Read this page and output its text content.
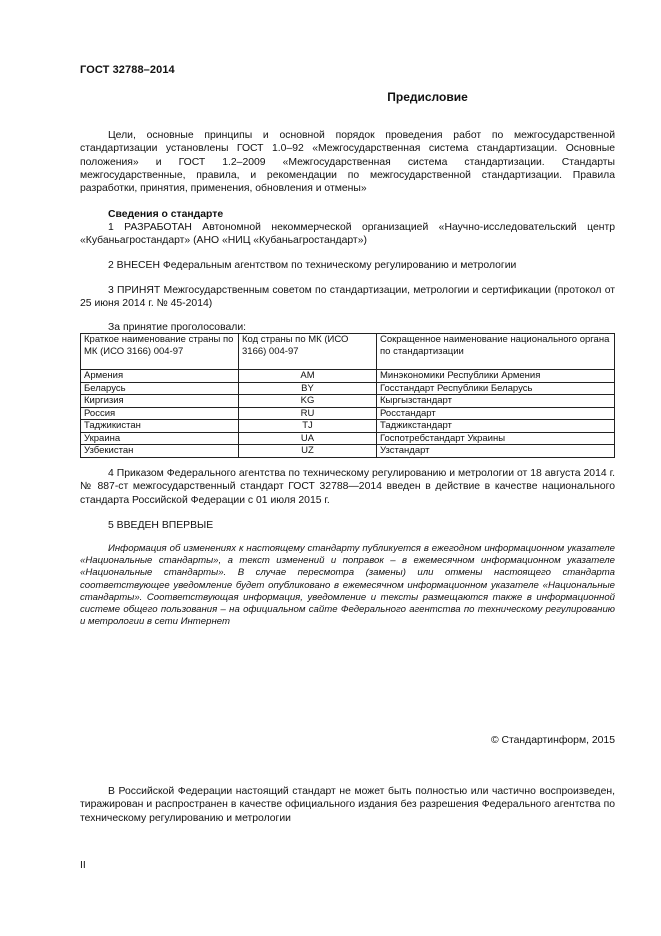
ГОСТ 32788–2014
Предисловие
Цели, основные принципы и основной порядок проведения работ по межгосударственной стандартизации установлены ГОСТ 1.0–92 «Межгосударственная система стандартизации. Основные положения» и ГОСТ 1.2–2009 «Межгосударственная система стандартизации. Стандарты межгосударственные, правила, и рекомендации по межгосударственной стандартизации. Правила разработки, принятия, применения, обновления и отмены»
Сведения о стандарте
1 РАЗРАБОТАН Автономной некоммерческой организацией «Научно-исследовательский центр «Кубаньагростандарт» (АНО «НИЦ «Кубаньагростандарт»)
2 ВНЕСЕН Федеральным агентством по техническому регулированию и метрологии
3 ПРИНЯТ Межгосударственным советом по стандартизации, метрологии и сертификации (протокол от 25 июня 2014 г. № 45-2014)
За принятие проголосовали:
Краткое наименование страны по МК (ИСО 3166) 004-97	Код страны по МК (ИСО 3166) 004-97	Сокращенное наименование национального органа по стандартизации
Армения	AM	Минэкономики Республики Армения
Беларусь	BY	Госстандарт Республики Беларусь
Киргизия	KG	Кыргызстандарт
Россия	RU	Росстандарт
Таджикистан	TJ	Таджикстандарт
Украина	UA	Госпотребстандарт Украины
Узбекистан	UZ	Узстандарт
4 Приказом Федерального агентства по техническому регулированию и метрологии от 18 августа 2014 г. № 887-ст межгосударственный стандарт ГОСТ 32788—2014 введен в действие в качестве национального стандарта Российской Федерации с 01 июля 2015 г.
5 ВВЕДЕН ВПЕРВЫЕ
Информация об изменениях к настоящему стандарту публикуется в ежегодном информационном указателе «Национальные стандарты», а текст изменений и поправок – в ежемесячном информационном указателе «Национальные стандарты». В случае пересмотра (замены) или отмены настоящего стандарта соответствующее уведомление будет опубликовано в ежемесячном информационном указателе «Национальные стандарты». Соответствующая информация, уведомление и тексты размещаются также в информационной системе общего пользования – на официальном сайте Федерального агентства по техническому регулированию и метрологии в сети Интернет
© Стандартинформ, 2015
В Российской Федерации настоящий стандарт не может быть полностью или частично воспроизведен, тиражирован и распространен в качестве официального издания без разрешения Федерального агентства по техническому регулированию и метрологии
II
